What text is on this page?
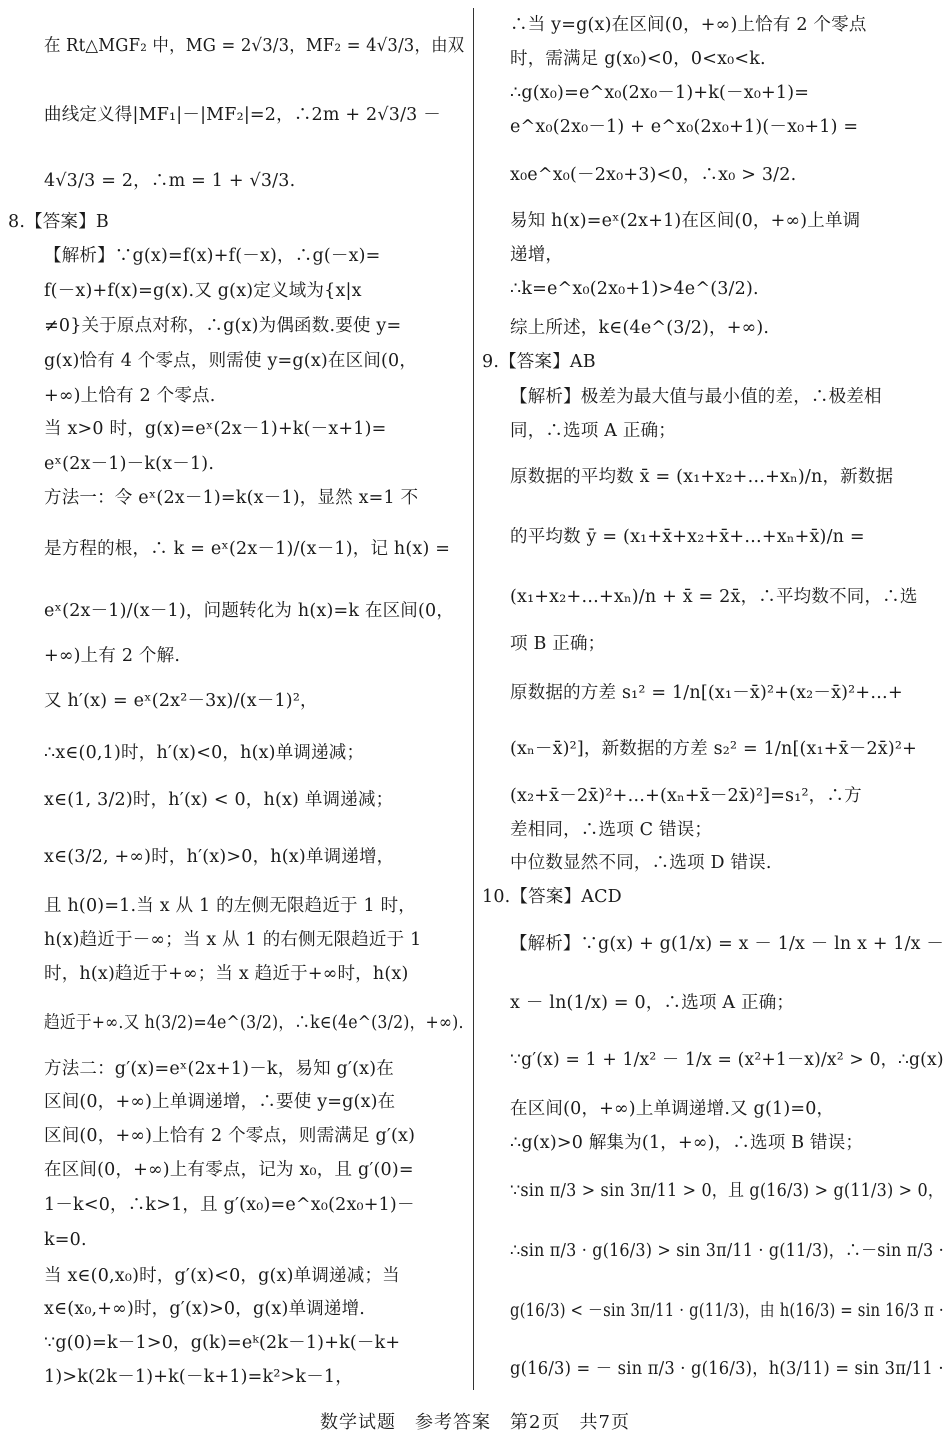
在 Rt△MGF₂ 中，MG = 2√3/3，MF₂ = 4√3/3，由双
曲线定义得|MF₁|－|MF₂|=2，∴2m + 2√3/3 －
4√3/3 = 2，∴m = 1 + √3/3.
8.【答案】B
【解析】∵g(x)=f(x)+f(－x)，∴g(－x)=
f(－x)+f(x)=g(x).又 g(x)定义域为{x|x
≠0}关于原点对称，∴g(x)为偶函数.要使 y=
g(x)恰有 4 个零点，则需使 y=g(x)在区间(0，
+∞)上恰有 2 个零点.
当 x>0 时，g(x)=eˣ(2x－1)+k(－x+1)=
eˣ(2x－1)－k(x－1).
方法一：令 eˣ(2x－1)=k(x－1)，显然 x=1 不
是方程的根，∴ k = eˣ(2x－1)/(x－1)，记 h(x) =
eˣ(2x－1)/(x－1)，问题转化为 h(x)=k 在区间(0，
+∞)上有 2 个解.
又 h′(x) = eˣ(2x²－3x)/(x－1)²，
∴x∈(0,1)时，h′(x)<0，h(x)单调递减；
x∈(1, 3/2)时，h′(x) < 0，h(x) 单调递减；
x∈(3/2, +∞)时，h′(x)>0，h(x)单调递增，
且 h(0)=1.当 x 从 1 的左侧无限趋近于 1 时，
h(x)趋近于－∞；当 x 从 1 的右侧无限趋近于 1
时，h(x)趋近于+∞；当 x 趋近于+∞时，h(x)
趋近于+∞.又 h(3/2)=4e^(3/2)，∴k∈(4e^(3/2)，+∞).
方法二：g′(x)=eˣ(2x+1)－k，易知 g′(x)在
区间(0，+∞)上单调递增，∴要使 y=g(x)在
区间(0，+∞)上恰有 2 个零点，则需满足 g′(x)
在区间(0，+∞)上有零点，记为 x₀，且 g′(0)=
1－k<0，∴k>1，且 g′(x₀)=e^x₀(2x₀+1)－
k=0.
当 x∈(0,x₀)时，g′(x)<0，g(x)单调递减；当
x∈(x₀,+∞)时，g′(x)>0，g(x)单调递增.
∵g(0)=k－1>0，g(k)=eᵏ(2k－1)+k(－k+
1)>k(2k－1)+k(－k+1)=k²>k－1，
∴当 y=g(x)在区间(0，+∞)上恰有 2 个零点
时，需满足 g(x₀)<0，0<x₀<k.
∴g(x₀)=e^x₀(2x₀－1)+k(－x₀+1)=
e^x₀(2x₀－1) + e^x₀(2x₀+1)(－x₀+1) =
x₀e^x₀(－2x₀+3)<0，∴x₀ > 3/2.
易知 h(x)=eˣ(2x+1)在区间(0，+∞)上单调
递增，
∴k=e^x₀(2x₀+1)>4e^(3/2).
综上所述，k∈(4e^(3/2)，+∞).
9.【答案】AB
【解析】极差为最大值与最小值的差，∴极差相
同，∴选项 A 正确；
原数据的平均数 x̄ = (x₁+x₂+…+xₙ)/n，新数据
的平均数 ȳ = (x₁+x̄+x₂+x̄+…+xₙ+x̄)/n =
(x₁+x₂+…+xₙ)/n + x̄ = 2x̄，∴平均数不同，∴选
项 B 正确；
原数据的方差 s₁² = 1/n[(x₁－x̄)²+(x₂－x̄)²+…+
(xₙ－x̄)²]，新数据的方差 s₂² = 1/n[(x₁+x̄－2x̄)²+
(x₂+x̄－2x̄)²+…+(xₙ+x̄－2x̄)²]=s₁²，∴方
差相同，∴选项 C 错误；
中位数显然不同，∴选项 D 错误.
10.【答案】ACD
【解析】∵g(x) + g(1/x) = x － 1/x － ln x + 1/x －
x － ln(1/x) = 0，∴选项 A 正确；
∵g′(x) = 1 + 1/x² － 1/x = (x²+1－x)/x² > 0，∴g(x)
在区间(0，+∞)上单调递增.又 g(1)=0，
∴g(x)>0 解集为(1，+∞)，∴选项 B 错误；
∵sin π/3 > sin 3π/11 > 0，且 g(16/3) > g(11/3) > 0，
∴sin π/3 · g(16/3) > sin 3π/11 · g(11/3)，∴－sin π/3 ·
g(16/3) < －sin 3π/11 · g(11/3)，由 h(16/3) = sin 16/3 π ·
g(16/3) = － sin π/3 · g(16/3)，h(3/11) = sin 3π/11 ·
数学试题　参考答案　第2页　共7页
